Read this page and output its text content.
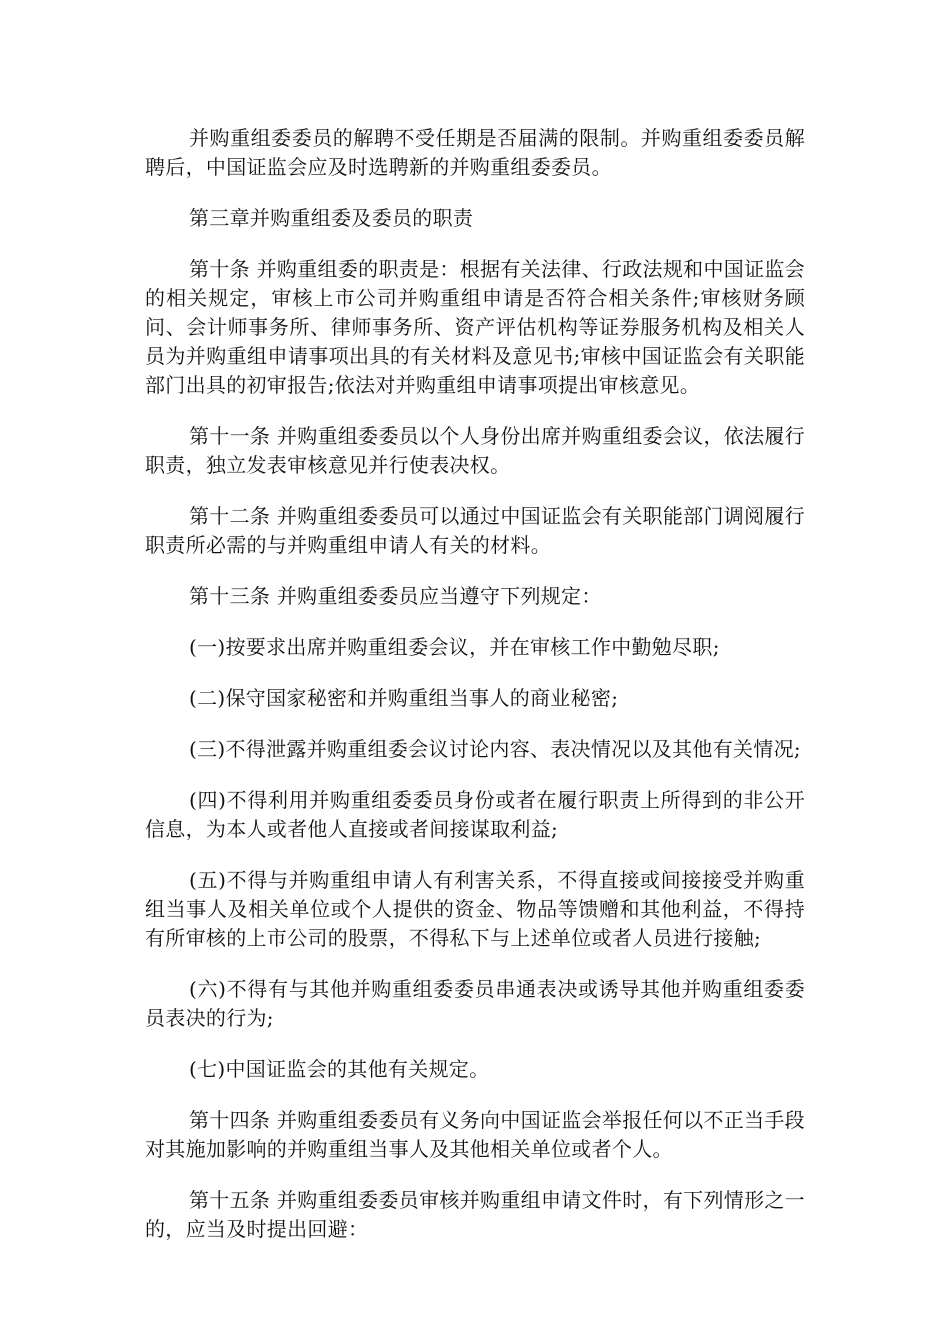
并购重组委委员的解聘不受任期是否届满的限制。并购重组委委员解聘后，中国证监会应及时选聘新的并购重组委委员。

第三章并购重组委及委员的职责

第十条 并购重组委的职责是：根据有关法律、行政法规和中国证监会的相关规定，审核上市公司并购重组申请是否符合相关条件;审核财务顾问、会计师事务所、律师事务所、资产评估机构等证券服务机构及相关人员为并购重组申请事项出具的有关材料及意见书;审核中国证监会有关职能部门出具的初审报告;依法对并购重组申请事项提出审核意见。

第十一条 并购重组委委员以个人身份出席并购重组委会议，依法履行职责，独立发表审核意见并行使表决权。

第十二条 并购重组委委员可以通过中国证监会有关职能部门调阅履行职责所必需的与并购重组申请人有关的材料。

第十三条 并购重组委委员应当遵守下列规定：

(一)按要求出席并购重组委会议，并在审核工作中勤勉尽职;

(二)保守国家秘密和并购重组当事人的商业秘密;

(三)不得泄露并购重组委会议讨论内容、表决情况以及其他有关情况;

(四)不得利用并购重组委委员身份或者在履行职责上所得到的非公开信息，为本人或者他人直接或者间接谋取利益;

(五)不得与并购重组申请人有利害关系，不得直接或间接接受并购重组当事人及相关单位或个人提供的资金、物品等馈赠和其他利益，不得持有所审核的上市公司的股票，不得私下与上述单位或者人员进行接触;

(六)不得有与其他并购重组委委员串通表决或诱导其他并购重组委委员表决的行为;

(七)中国证监会的其他有关规定。

第十四条 并购重组委委员有义务向中国证监会举报任何以不正当手段对其施加影响的并购重组当事人及其他相关单位或者个人。

第十五条 并购重组委委员审核并购重组申请文件时，有下列情形之一的，应当及时提出回避：
